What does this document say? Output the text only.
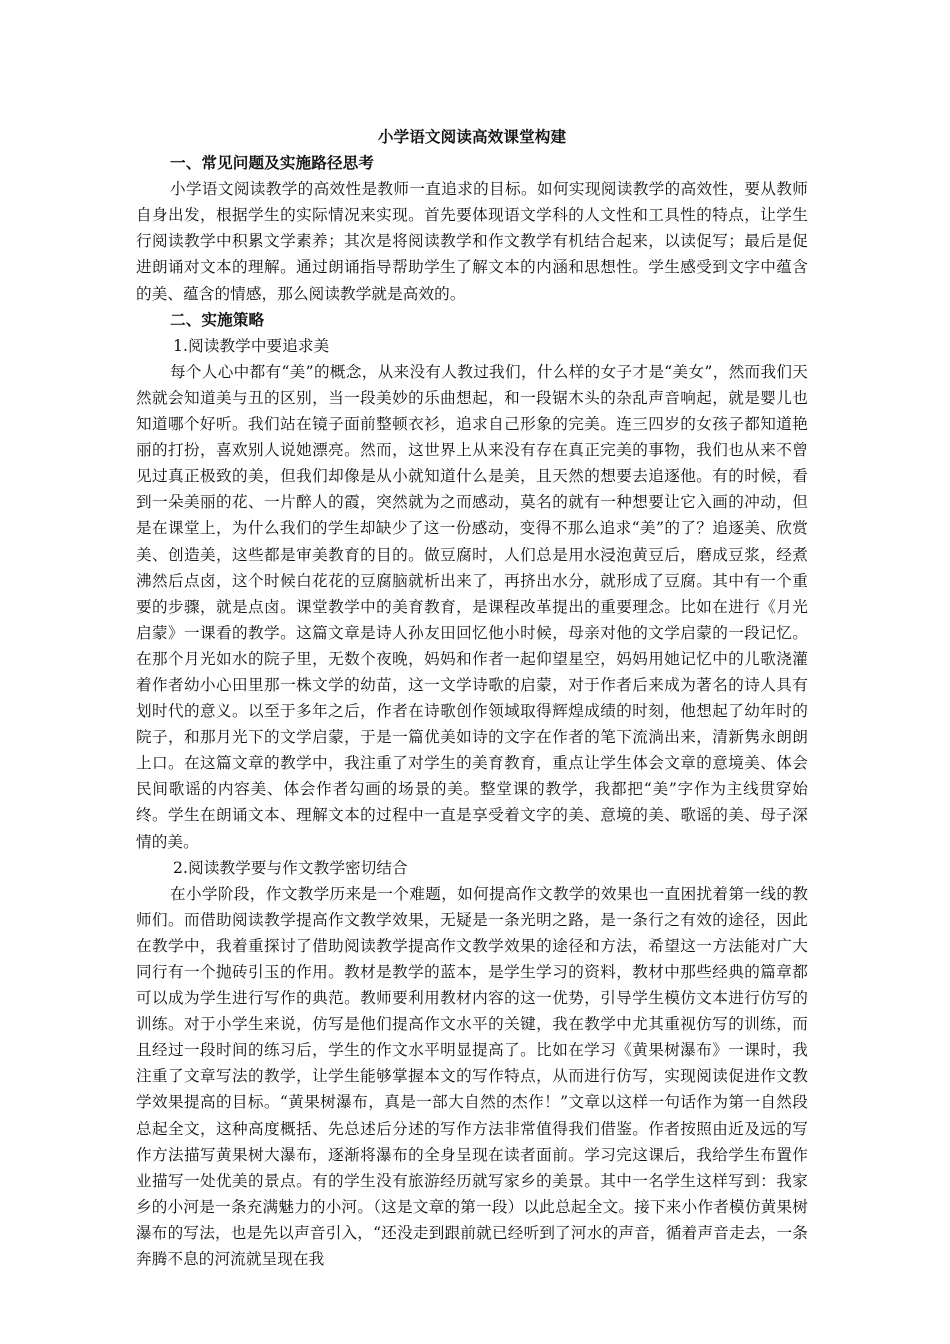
小学语文阅读高效课堂构建

一、常见问题及实施路径思考

小学语文阅读教学的高效性是教师一直追求的目标。如何实现阅读教学的高效性，要从教师自身出发，根据学生的实际情况来实现。首先要体现语文学科的人文性和工具性的特点，让学生行阅读教学中积累文学素养；其次是将阅读教学和作文教学有机结合起来，以读促写；最后是促进朗诵对文本的理解。通过朗诵指导帮助学生了解文本的内涵和思想性。学生感受到文字中蕴含的美、蕴含的情感，那么阅读教学就是高效的。

二、实施策略

1.阅读教学中要追求美

每个人心中都有“美”的概念，从来没有人教过我们，什么样的女子才是“美女”，然而我们天然就会知道美与丑的区别，当一段美妙的乐曲想起，和一段锯木头的杂乱声音响起，就是婴儿也知道哪个好听。我们站在镜子面前整顿衣衫，追求自己形象的完美。连三四岁的女孩子都知道艳丽的打扮，喜欢别人说她漂亮。然而，这世界上从来没有存在真正完美的事物，我们也从来不曾见过真正极致的美，但我们却像是从小就知道什么是美，且天然的想要去追逐他。有的时候，看到一朵美丽的花、一片醉人的霞，突然就为之而感动，莫名的就有一种想要让它入画的冲动，但是在课堂上，为什么我们的学生却缺少了这一份感动，变得不那么追求“美”的了？追逐美、欣赏美、创造美，这些都是审美教育的目的。做豆腐时，人们总是用水浸泡黄豆后，磨成豆浆，经煮沸然后点卤，这个时候白花花的豆腐脑就析出来了，再挤出水分，就形成了豆腐。其中有一个重要的步骤，就是点卤。课堂教学中的美育教育，是课程改革提出的重要理念。比如在进行《月光启蒙》一课看的教学。这篇文章是诗人孙友田回忆他小时候，母亲对他的文学启蒙的一段记忆。在那个月光如水的院子里，无数个夜晚，妈妈和作者一起仰望星空，妈妈用她记忆中的儿歌浇灌着作者幼小心田里那一株文学的幼苗，这一文学诗歌的启蒙，对于作者后来成为著名的诗人具有划时代的意义。以至于多年之后，作者在诗歌创作领域取得辉煌成绩的时刻，他想起了幼年时的院子，和那月光下的文学启蒙，于是一篇优美如诗的文字在作者的笔下流淌出来，清新隽永朗朗上口。在这篇文章的教学中，我注重了对学生的美育教育，重点让学生体会文章的意境美、体会民间歌谣的内容美、体会作者勾画的场景的美。整堂课的教学，我都把“美”字作为主线贯穿始终。学生在朗诵文本、理解文本的过程中一直是享受着文字的美、意境的美、歌谣的美、母子深情的美。

2.阅读教学要与作文教学密切结合

在小学阶段，作文教学历来是一个难题，如何提高作文教学的效果也一直困扰着第一线的教师们。而借助阅读教学提高作文教学效果，无疑是一条光明之路，是一条行之有效的途径，因此在教学中，我着重探讨了借助阅读教学提高作文教学效果的途径和方法，希望这一方法能对广大同行有一个抛砖引玉的作用。教材是教学的蓝本，是学生学习的资料，教材中那些经典的篇章都可以成为学生进行写作的典范。教师要利用教材内容的这一优势，引导学生模仿文本进行仿写的训练。对于小学生来说，仿写是他们提高作文水平的关键，我在教学中尤其重视仿写的训练，而且经过一段时间的练习后，学生的作文水平明显提高了。比如在学习《黄果树瀑布》一课时，我注重了文章写法的教学，让学生能够掌握本文的写作特点，从而进行仿写，实现阅读促进作文教学效果提高的目标。“黄果树瀑布，真是一部大自然的杰作！”文章以这样一句话作为第一自然段总起全文，这种高度概括、先总述后分述的写作方法非常值得我们借鉴。作者按照由近及远的写作方法描写黄果树大瀑布，逐渐将瀑布的全身呈现在读者面前。学习完这课后，我给学生布置作业描写一处优美的景点。有的学生没有旅游经历就写家乡的美景。其中一名学生这样写到：我家乡的小河是一条充满魅力的小河。（这是文章的第一段）以此总起全文。接下来小作者模仿黄果树瀑布的写法，也是先以声音引入，“还没走到跟前就已经听到了河水的声音，循着声音走去，一条奔腾不息的河流就呈现在我
